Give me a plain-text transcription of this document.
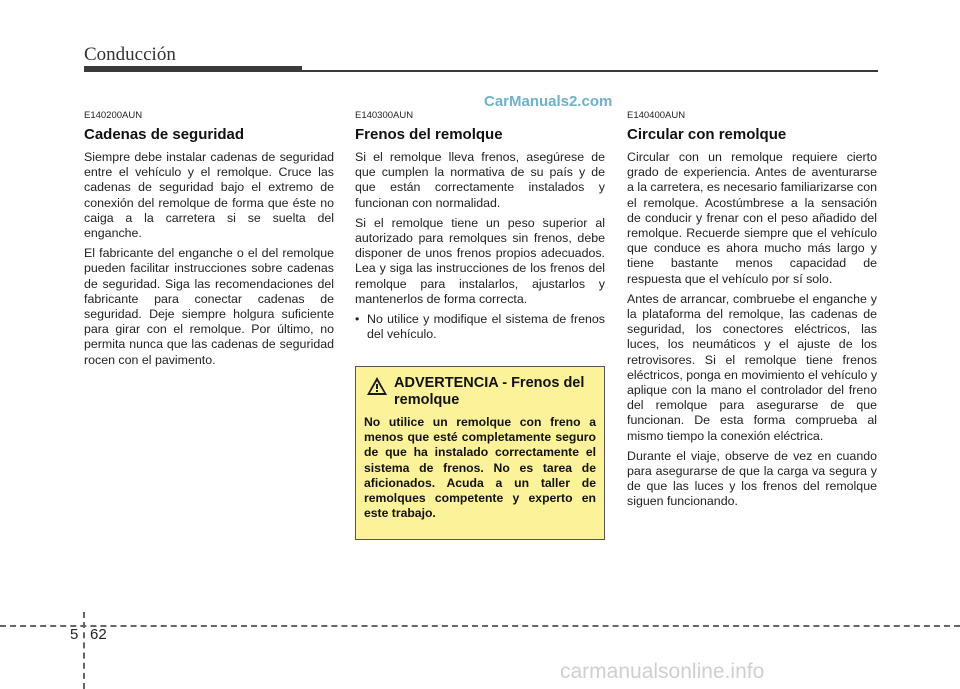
Conducción
CarManuals2.com
E140200AUN
Cadenas de seguridad

Siempre debe instalar cadenas de seguridad entre el vehículo y el remolque. Cruce las cadenas de seguridad bajo el extremo de conexión del remolque de forma que éste no caiga a la carretera si se suelta del enganche.

El fabricante del enganche o el del remolque pueden facilitar instrucciones sobre cadenas de seguridad. Siga las recomendaciones del fabricante para conectar cadenas de seguridad. Deje siempre holgura suficiente para girar con el remolque. Por último, no permita nunca que las cadenas de seguridad rocen con el pavimento.

E140300AUN
Frenos del remolque

Si el remolque lleva frenos, asegúrese de que cumplen la normativa de su país y de que están correctamente instalados y funcionan con normalidad.

Si el remolque tiene un peso superior al autorizado para remolques sin frenos, debe disponer de unos frenos propios adecuados. Lea y siga las instrucciones de los frenos del remolque para instalarlos, ajustarlos y mantenerlos de forma correcta.

• No utilice y modifique el sistema de frenos del vehículo.
ADVERTENCIA - Frenos del remolque
No utilice un remolque con freno a menos que esté completamente seguro de que ha instalado correctamente el sistema de frenos. No es tarea de aficionados. Acuda a un taller de remolques competente y experto en este trabajo.
E140400AUN
Circular con remolque

Circular con un remolque requiere cierto grado de experiencia. Antes de aventurarse a la carretera, es necesario familiarizarse con el remolque. Acostúmbrese a la sensación de conducir y frenar con el peso añadido del remolque. Recuerde siempre que el vehículo que conduce es ahora mucho más largo y tiene bastante menos capacidad de respuesta que el vehículo por sí solo.

Antes de arrancar, combruebe el enganche y la plataforma del remolque, las cadenas de seguridad, los conectores eléctricos, las luces, los neumáticos y el ajuste de los retrovisores. Si el remolque tiene frenos eléctricos, ponga en movimiento el vehículo y aplique con la mano el controlador del freno del remolque para asegurarse de que funcionan. De esta forma comprueba al mismo tiempo la conexión eléctrica.

Durante el viaje, observe de vez en cuando para asegurarse de que la carga va segura y de que las luces y los frenos del remolque siguen funcionando.

5 62
carmanualsonline.info
